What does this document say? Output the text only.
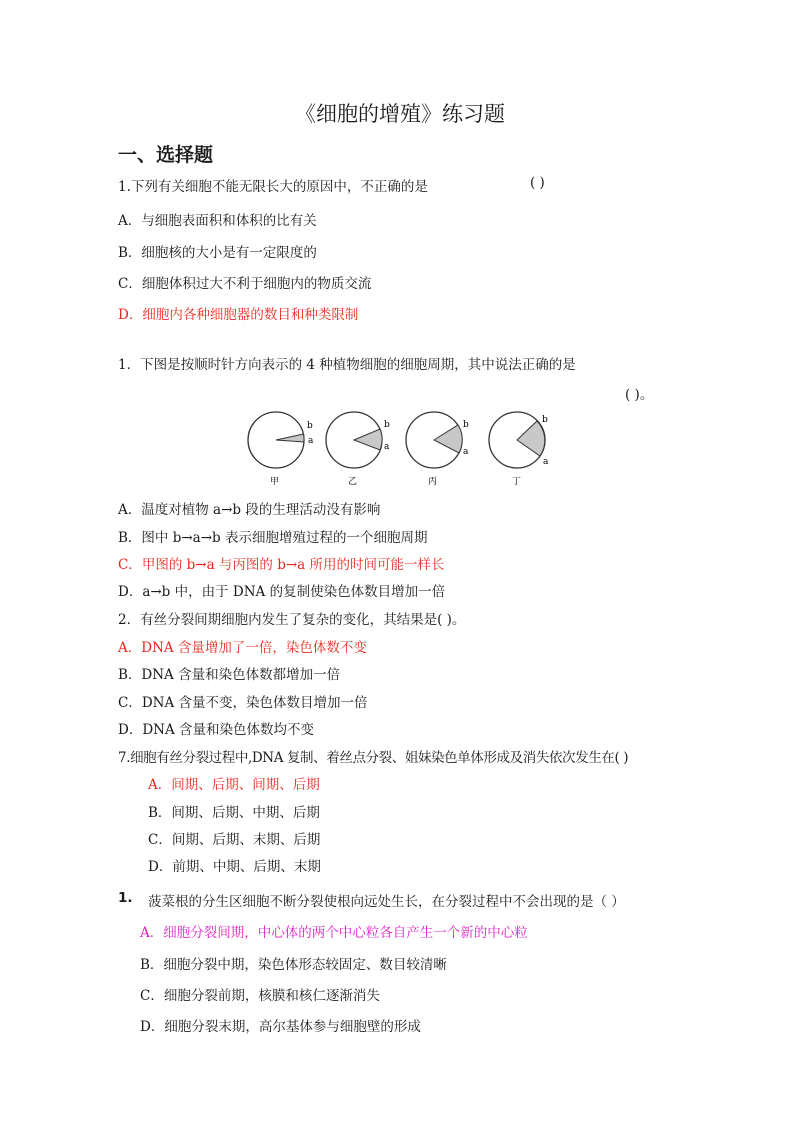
《细胞的增殖》练习题
一、选择题
1.下列有关细胞不能无限长大的原因中，不正确的是	( )
A．与细胞表面积和体积的比有关
B．细胞核的大小是有一定限度的
C．细胞体积过大不利于细胞内的物质交流
D．细胞内各种细胞器的数目和种类限制
1．下图是按顺时针方向表示的 4 种植物细胞的细胞周期，其中说法正确的是
( )。
b
a
甲
b
a
乙
b
a
丙
b
a
丁
A．温度对植物 a→b 段的生理活动没有影响
B．图中 b→a→b 表示细胞增殖过程的一个细胞周期
C．甲图的 b→a 与丙图的 b→a 所用的时间可能一样长
D．a→b 中，由于 DNA 的复制使染色体数目增加一倍
2．有丝分裂间期细胞内发生了复杂的变化，其结果是( )。
A．DNA 含量增加了一倍，染色体数不变
B．DNA 含量和染色体数都增加一倍
C．DNA 含量不变，染色体数目增加一倍
D．DNA 含量和染色体数均不变
7.细胞有丝分裂过程中,DNA 复制、着丝点分裂、姐妹染色单体形成及消失依次发生在( )
A．间期、后期、间期、后期
B．间期、后期、中期、后期
C．间期、后期、末期、后期
D．前期、中期、后期、末期
1. 菠菜根的分生区细胞不断分裂使根向远处生长，在分裂过程中不会出现的是（ ）
A．细胞分裂间期，中心体的两个中心粒各自产生一个新的中心粒
B．细胞分裂中期，染色体形态较固定、数目较清晰
C．细胞分裂前期，核膜和核仁逐渐消失
D．细胞分裂末期，高尔基体参与细胞壁的形成
